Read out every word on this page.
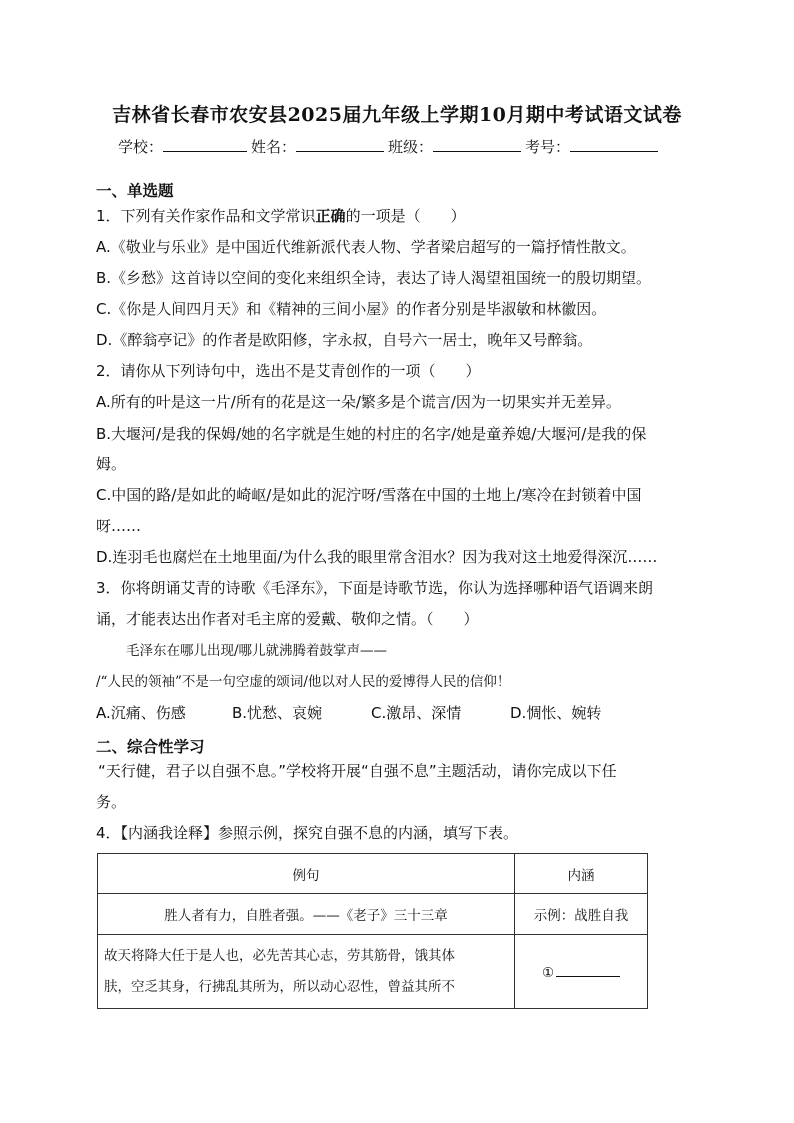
吉林省长春市农安县2025届九年级上学期10月期中考试语文试卷
学校：	姓名：	班级：	考号：
一、单选题
1．下列有关作家作品和文学常识正确的一项是（　　）
A.《敬业与乐业》是中国近代维新派代表人物、学者梁启超写的一篇抒情性散文。
B.《乡愁》这首诗以空间的变化来组织全诗，表达了诗人渴望祖国统一的殷切期望。
C.《你是人间四月天》和《精神的三间小屋》的作者分别是毕淑敏和林徽因。
D.《醉翁亭记》的作者是欧阳修，字永叔，自号六一居士，晚年又号醉翁。
2．请你从下列诗句中，选出不是艾青创作的一项（　　）
A.所有的叶是这一片/所有的花是这一朵/繁多是个谎言/因为一切果实并无差异。
B.大堰河/是我的保姆/她的名字就是生她的村庄的名字/她是童养媳/大堰河/是我的保
姆。
C.中国的路/是如此的崎岖/是如此的泥泞呀/雪落在中国的土地上/寒冷在封锁着中国
呀……
D.连羽毛也腐烂在土地里面/为什么我的眼里常含泪水？因为我对这土地爱得深沉……
3．你将朗诵艾青的诗歌《毛泽东》，下面是诗歌节选，你认为选择哪种语气语调来朗
诵，才能表达出作者对毛主席的爱戴、敬仰之情。（　　）
毛泽东在哪儿出现/哪儿就沸腾着鼓掌声——
/“人民的领袖”不是一句空虚的颂词/他以对人民的爱博得人民的信仰！
A.沉痛、伤感	B.忧愁、哀婉	C.激昂、深情	D.惆怅、婉转
二、综合性学习
“天行健，君子以自强不息。”学校将开展“自强不息”主题活动，请你完成以下任
务。
4．【内涵我诠释】参照示例，探究自强不息的内涵，填写下表。
例句	内涵
胜人者有力，自胜者强。——《老子》三十三章	示例：战胜自我

故天将降大任于是人也，必先苦其心志，劳其筋骨，饿其体
肤，空乏其身，行拂乱其所为，所以动心忍性，曾益其所不	①
